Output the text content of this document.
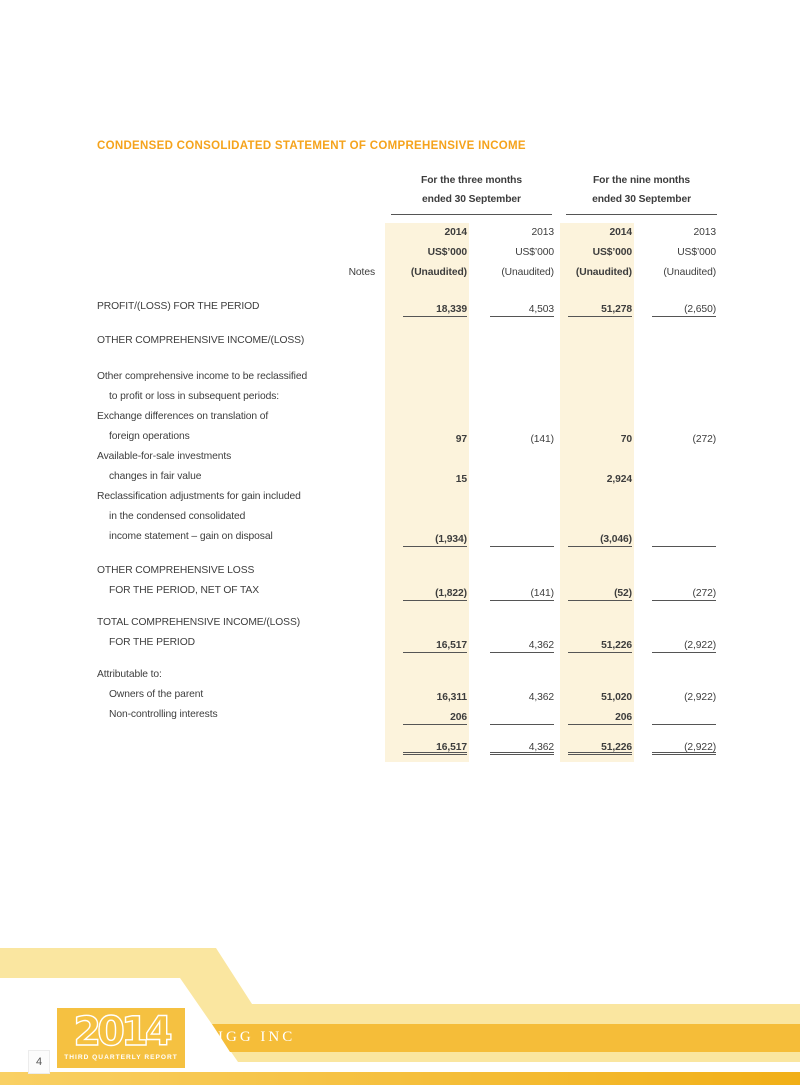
CONDENSED CONSOLIDATED STATEMENT OF COMPREHENSIVE INCOME

For the three months
ended 30 September

For the nine months
ended 30 September

	2014	2013	2014	2013
	US$’000	US$’000	US$’000	US$’000
Notes	(Unaudited)	(Unaudited)	(Unaudited)	(Unaudited)

PROFIT/(LOSS) FOR THE PERIOD	18,339	4,503	51,278	(2,650)

OTHER COMPREHENSIVE INCOME/(LOSS)				

Other comprehensive income to be reclassified
to profit or loss in subsequent periods:				

Exchange differences on translation of
foreign operations	97	(141)	70	(272)

Available-for-sale investments
changes in fair value	15		2,924	

Reclassification adjustments for gain included
in the condensed consolidated
income statement – gain on disposal	(1,934)		(3,046)	

OTHER COMPREHENSIVE LOSS
FOR THE PERIOD, NET OF TAX	(1,822)	(141)	(52)	(272)

TOTAL COMPREHENSIVE INCOME/(LOSS)
FOR THE PERIOD	16,517	4,362	51,226	(2,922)

Attributable to:				

Owners of the parent	16,311	4,362	51,020	(2,922)

Non-controlling interests	206		206	

	16,517	4,362	51,226	(2,922)
IGG INC
2014
THIRD QUARTERLY REPORT
4
